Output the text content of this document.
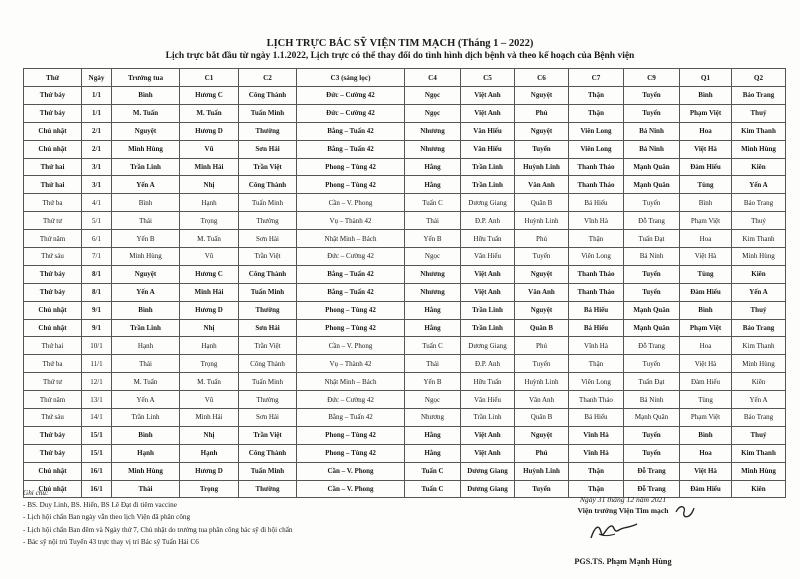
LỊCH TRỰC BÁC SỸ VIỆN TIM MẠCH (Tháng 1 – 2022)
Lịch trực bắt đầu từ ngày 1.1.2022, Lịch trực có thể thay đổi do tình hình dịch bệnh và theo kế hoạch của Bệnh viện
Thứ	Ngày	Trưởng tua	C1	C2	C3 (sáng lọc)	C4	C5	C6	C7	C9	Q1	Q2
Thứ bảy	1/1	Bình	Hương C	Công Thành	Đức – Cường 42	Ngọc	Việt Anh	Nguyệt	Thận	Tuyến	Bình	Bảo Trang
Thứ bảy	1/1	M. Tuấn	M. Tuấn	Tuấn Minh	Đức – Cường 42	Ngọc	Việt Anh	Phú	Thận	Tuyến	Phạm Việt	Thuý
Chủ nhật	2/1	Nguyệt	Hương D	Thường	Bằng – Tuấn 42	Nhương	Văn Hiếu	Nguyệt	Viên Long	Bá Ninh	Hoa	Kim Thanh
Chủ nhật	2/1	Minh Hùng	Vũ	Sơn Hải	Bằng – Tuấn 42	Nhương	Văn Hiếu	Tuyến	Viên Long	Bá Ninh	Việt Hà	Minh Hùng
Thứ hai	3/1	Trần Linh	Minh Hải	Trần Việt	Phong – Tùng 42	Hằng	Trần Linh	Huỳnh Linh	Thanh Thảo	Mạnh Quân	Đàm Hiếu	Kiên
Thứ hai	3/1	Yến A	Nhị	Công Thành	Phong – Tùng 42	Hằng	Trần Linh	Văn Anh	Thanh Thảo	Mạnh Quân	Tùng	Yến A
Thứ ba	4/1	Bình	Hạnh	Tuấn Minh	Cần – V. Phong	Tuấn C	Dương Giang	Quân B	Bá Hiếu	Tuyến	Bình	Bảo Trang
Thứ tư	5/1	Thái	Trọng	Thường	Vụ – Thành 42	Thái	Đ.P. Anh	Huỳnh Linh	Vĩnh Hà	Đỗ Trang	Phạm Việt	Thuý
Thứ năm	6/1	Yến B	M. Tuấn	Sơn Hải	Nhật Minh – Bách	Yến B	Hữu Tuấn	Phú	Thận	Tuấn Đạt	Hoa	Kim Thanh
Thứ sáu	7/1	Minh Hùng	Vũ	Trần Việt	Đức – Cường 42	Ngọc	Văn Hiếu	Tuyến	Viên Long	Bá Ninh	Việt Hà	Minh Hùng
Thứ bảy	8/1	Nguyệt	Hương C	Công Thành	Bằng – Tuấn 42	Nhương	Việt Anh	Nguyệt	Thanh Thảo	Tuyến	Tùng	Kiên
Thứ bảy	8/1	Yến A	Minh Hải	Tuấn Minh	Bằng – Tuấn 42	Nhương	Việt Anh	Văn Anh	Thanh Thảo	Tuyến	Đàm Hiếu	Yến A
Chủ nhật	9/1	Bình	Hương D	Thường	Phong – Tùng 42	Hằng	Trần Linh	Nguyệt	Bá Hiếu	Mạnh Quân	Bình	Thuý
Chủ nhật	9/1	Trần Linh	Nhị	Sơn Hải	Phong – Tùng 42	Hằng	Trần Linh	Quân B	Bá Hiếu	Mạnh Quân	Phạm Việt	Bảo Trang
Thứ hai	10/1	Hạnh	Hạnh	Trần Việt	Cần – V. Phong	Tuấn C	Dương Giang	Phú	Vĩnh Hà	Đỗ Trang	Hoa	Kim Thanh
Thứ ba	11/1	Thái	Trọng	Công Thành	Vụ – Thành 42	Thái	Đ.P. Anh	Tuyến	Thận	Tuyến	Việt Hà	Minh Hùng
Thứ tư	12/1	M. Tuấn	M. Tuấn	Tuấn Minh	Nhật Minh – Bách	Yến B	Hữu Tuấn	Huỳnh Linh	Viên Long	Tuấn Đạt	Đàm Hiếu	Kiên
Thứ năm	13/1	Yến A	Vũ	Thường	Đức – Cường 42	Ngọc	Văn Hiếu	Văn Anh	Thanh Thảo	Bá Ninh	Tùng	Yến A
Thứ sáu	14/1	Trần Linh	Minh Hải	Sơn Hải	Bằng – Tuấn 42	Nhương	Trần Linh	Quân B	Bá Hiếu	Mạnh Quân	Phạm Việt	Bảo Trang
Thứ bảy	15/1	Bình	Nhị	Trần Việt	Phong – Tùng 42	Hằng	Việt Anh	Nguyệt	Vĩnh Hà	Tuyến	Bình	Thuý
Thứ bảy	15/1	Hạnh	Hạnh	Công Thành	Phong – Tùng 42	Hằng	Việt Anh	Phú	Vĩnh Hà	Tuyến	Hoa	Kim Thanh
Chủ nhật	16/1	Minh Hùng	Hương D	Tuấn Minh	Cần – V. Phong	Tuấn C	Dương Giang	Huỳnh Linh	Thận	Đỗ Trang	Việt Hà	Minh Hùng
Chủ nhật	16/1	Thái	Trọng	Thường	Cần – V. Phong	Tuấn C	Dương Giang	Tuyến	Thận	Đỗ Trang	Đàm Hiếu	Kiên
Ghi chú:
- BS. Duy Linh, BS. Hiển, BS Lê Đạt đi tiêm vaccine
- Lịch hội chẩn Ban ngày vẫn theo lịch Viện đã phân công
- Lịch hội chẩn Ban đêm và Ngày thứ 7, Chủ nhật do trưởng tua phân công bác sỹ đi hội chẩn
- Bác sỹ nội trú Tuyến 43 trực thay vị trí Bác sỹ Tuấn Hải C6
Ngày 31 tháng 12 năm 2021
Viện trưởng Viện Tim mạch
PGS.TS. Phạm Mạnh Hùng
